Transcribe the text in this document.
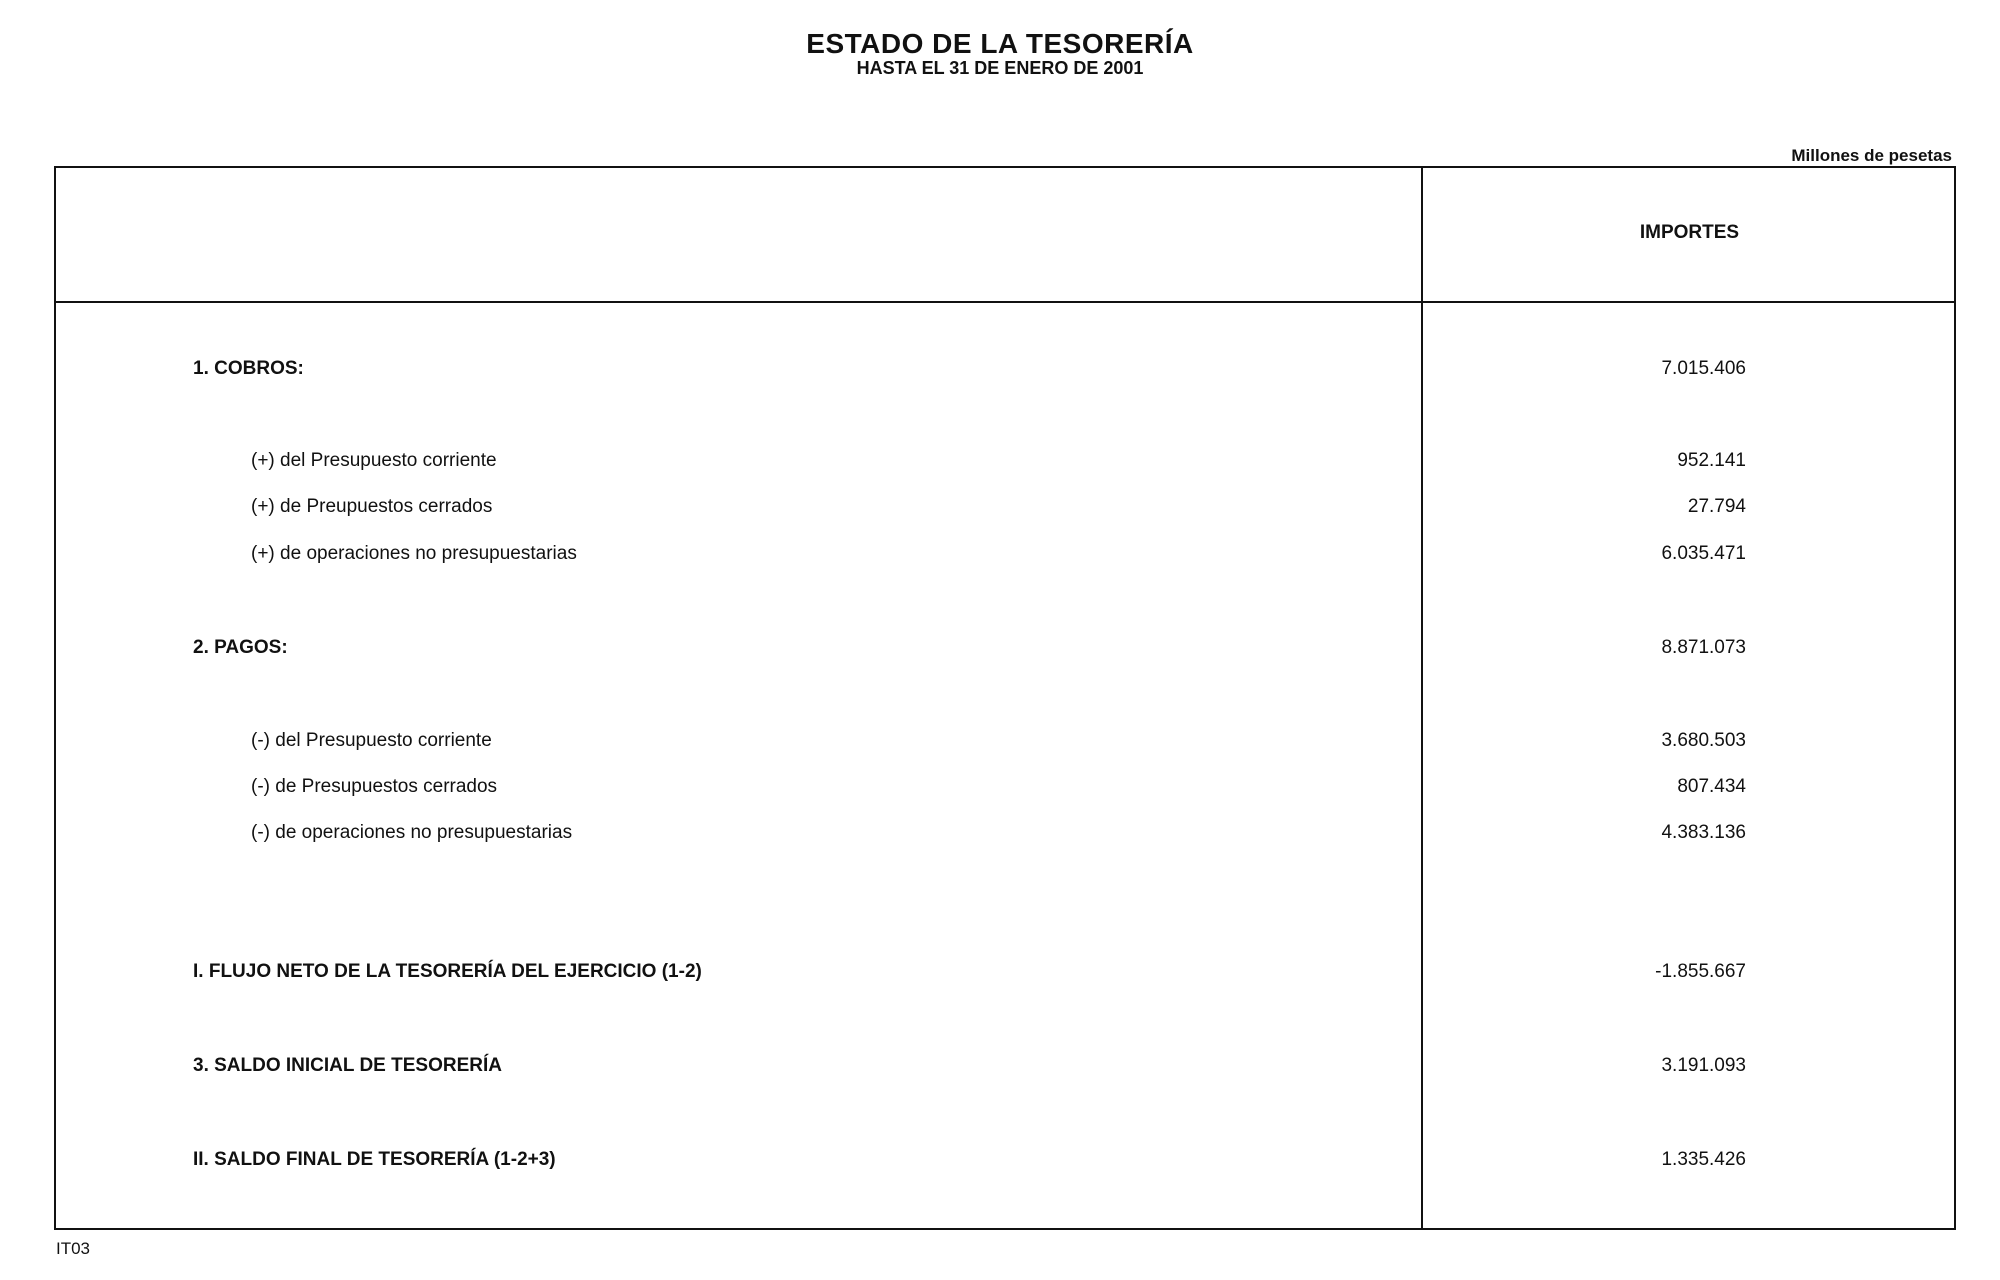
ESTADO DE LA TESORERÍA
HASTA EL 31 DE ENERO DE 2001
Millones de pesetas
IMPORTES
1. COBROS:	7.015.406
(+) del Presupuesto corriente	952.141
(+) de Preupuestos cerrados	27.794
(+) de operaciones no presupuestarias	6.035.471
2. PAGOS:	8.871.073
(-) del Presupuesto corriente	3.680.503
(-) de Presupuestos cerrados	807.434
(-) de operaciones no presupuestarias	4.383.136
I. FLUJO NETO DE LA TESORERÍA DEL EJERCICIO (1-2)	-1.855.667
3. SALDO INICIAL DE TESORERÍA	3.191.093
II. SALDO FINAL DE TESORERÍA (1-2+3)	1.335.426
IT03
